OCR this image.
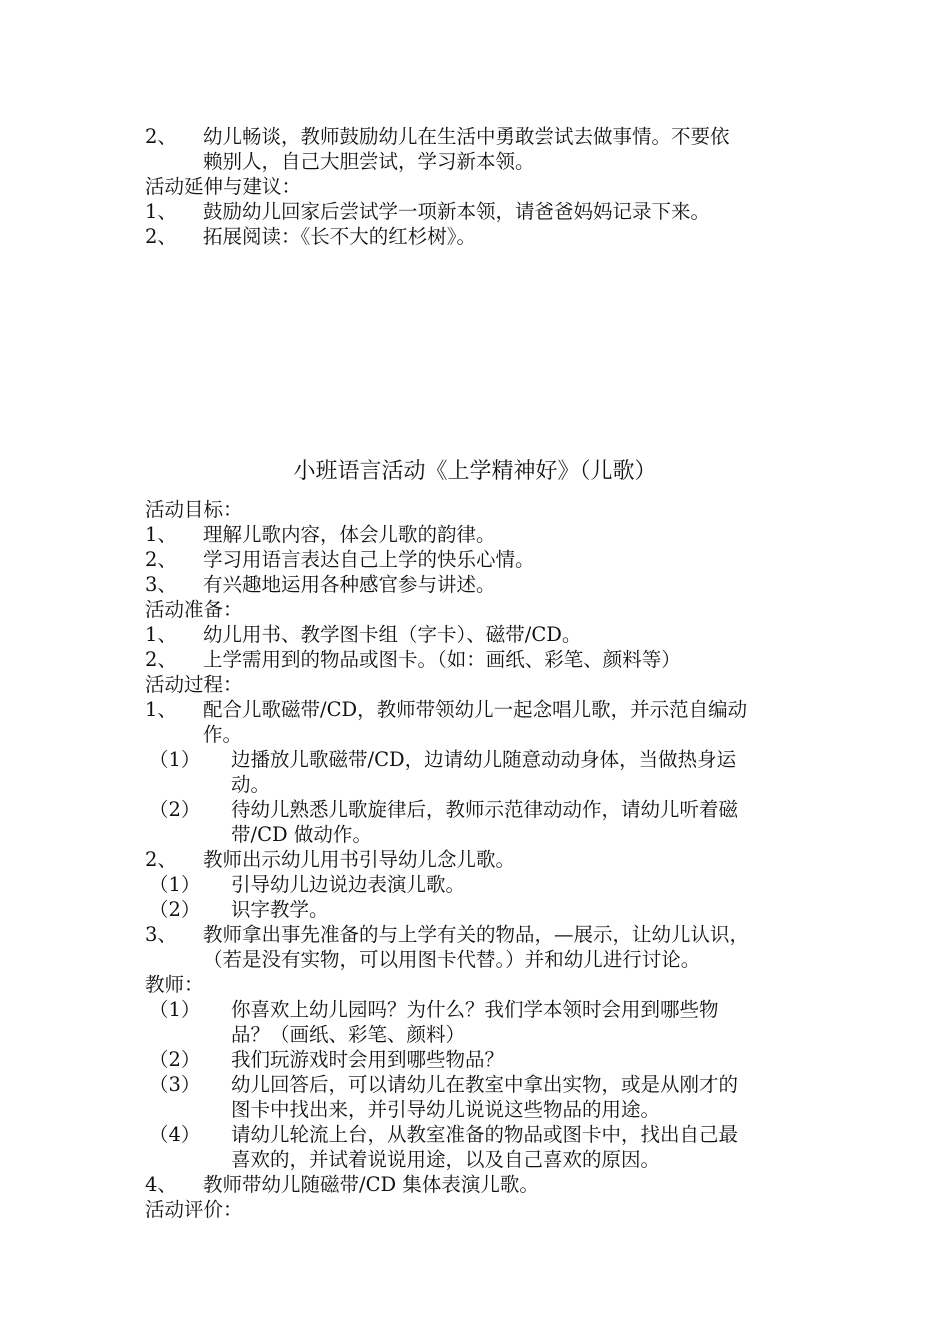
2、 幼儿畅谈，教师鼓励幼儿在生活中勇敢尝试去做事情。不要依
赖别人，自己大胆尝试，学习新本领。
活动延伸与建议：
1、 鼓励幼儿回家后尝试学一项新本领，请爸爸妈妈记录下来。
2、 拓展阅读：《长不大的红杉树》。
小班语言活动《上学精神好》（儿歌）
活动目标：
1、 理解儿歌内容，体会儿歌的韵律。
2、 学习用语言表达自己上学的快乐心情。
3、 有兴趣地运用各种感官参与讲述。
活动准备：
1、 幼儿用书、教学图卡组（字卡）、磁带/CD。
2、 上学需用到的物品或图卡。（如：画纸、彩笔、颜料等）
活动过程：
1、 配合儿歌磁带/CD，教师带领幼儿一起念唱儿歌，并示范自编动
作。
（1） 边播放儿歌磁带/CD，边请幼儿随意动动身体，当做热身运
动。
（2） 待幼儿熟悉儿歌旋律后，教师示范律动动作，请幼儿听着磁
带/CD 做动作。
2、 教师出示幼儿用书引导幼儿念儿歌。
（1） 引导幼儿边说边表演儿歌。
（2） 识字教学。
3、 教师拿出事先准备的与上学有关的物品，—展示，让幼儿认识，
（若是没有实物，可以用图卡代替。）并和幼儿进行讨论。
教师：
（1） 你喜欢上幼儿园吗？为什么？我们学本领时会用到哪些物
品？（画纸、彩笔、颜料）
（2） 我们玩游戏时会用到哪些物品？
（3） 幼儿回答后，可以请幼儿在教室中拿出实物，或是从刚才的
图卡中找出来，并引导幼儿说说这些物品的用途。
（4） 请幼儿轮流上台，从教室准备的物品或图卡中，找出自己最
喜欢的，并试着说说用途，以及自己喜欢的原因。
4、 教师带幼儿随磁带/CD 集体表演儿歌。
活动评价：
